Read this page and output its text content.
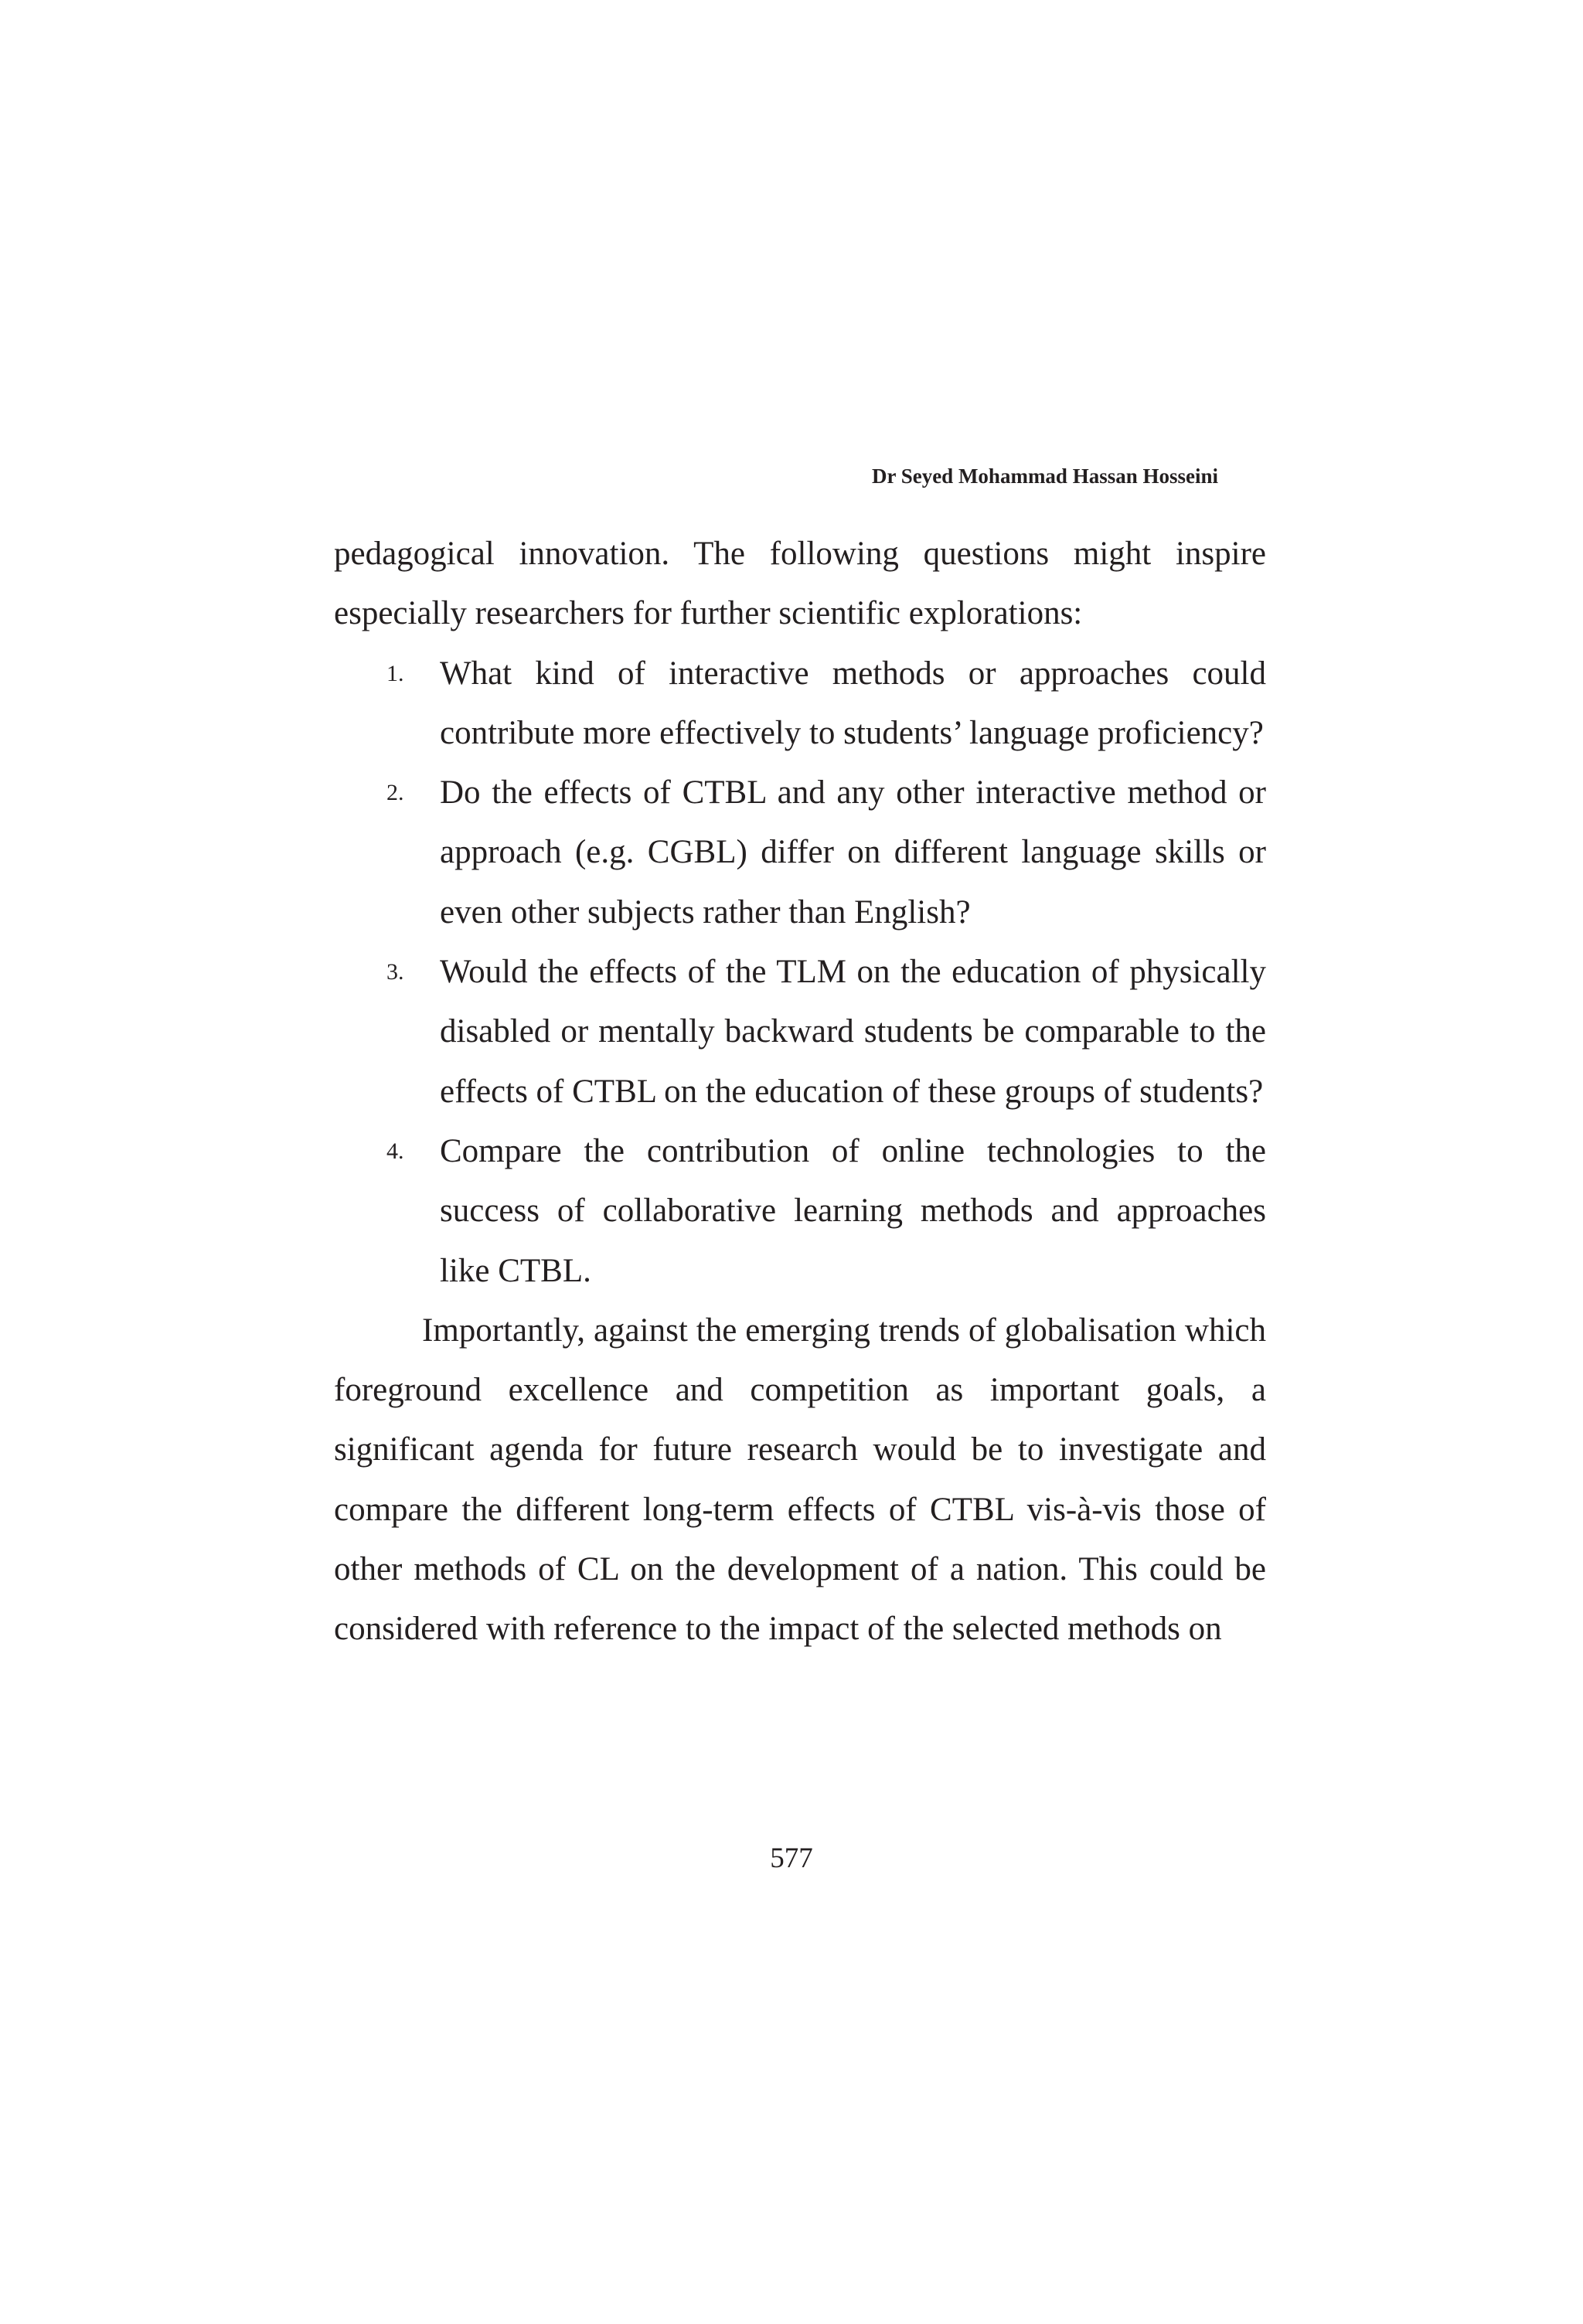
Dr Seyed Mohammad Hassan Hosseini

pedagogical innovation. The following questions might inspire especially researchers for further scientific explorations:

1. What kind of interactive methods or approaches could contribute more effectively to students’ language proficiency?
2. Do the effects of CTBL and any other interactive method or approach (e.g. CGBL) differ on different language skills or even other subjects rather than English?
3. Would the effects of the TLM on the education of physically disabled or mentally backward students be comparable to the effects of CTBL on the education of these groups of students?
4. Compare the contribution of online technologies to the success of collaborative learning methods and approaches like CTBL.

Importantly, against the emerging trends of globalisation which foreground excellence and competition as important goals, a significant agenda for future research would be to investigate and compare the different long-term effects of CTBL vis-à-vis those of other methods of CL on the development of a nation. This could be considered with reference to the impact of the selected methods on

577
